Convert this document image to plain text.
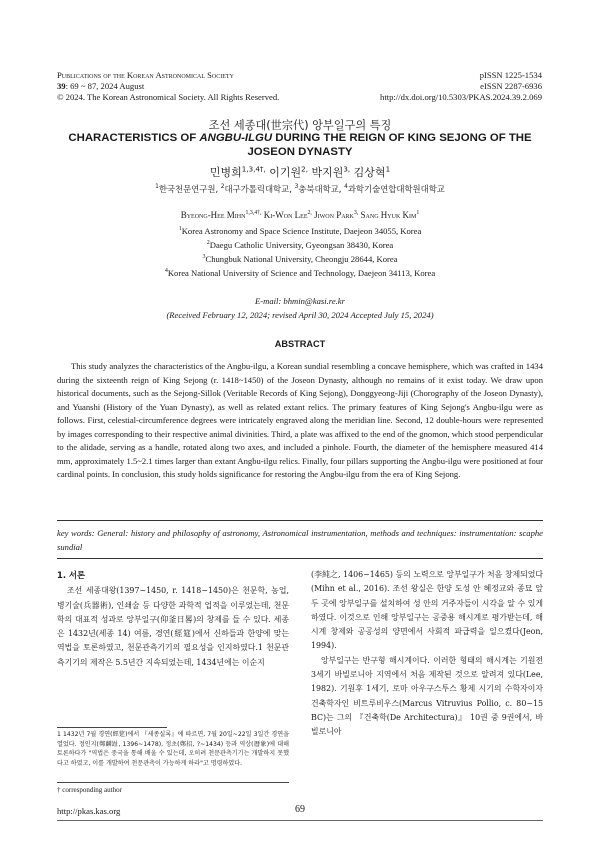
Publications of the Korean Astronomical Society
39: 69 ~ 87, 2024 August
© 2024. The Korean Astronomical Society. All Rights Reserved.
pISSN 1225-1534
eISSN 2287-6936
http://dx.doi.org/10.5303/PKAS.2024.39.2.069
조선 세종대(世宗代) 앙부일구의 특징
CHARACTERISTICS OF ANGBU-ILGU DURING THE REIGN OF KING SEJONG OF THE JOSEON DYNASTY
민병희$^{1,3,4\dagger,}$ 이기원$^{2,}$ 박지원$^{3,}$ 김상혁$^1$
$^1$한국천문연구원, $^2$대구가톨릭대학교, $^3$충북대학교, $^4$과학기술연합대학원대학교
Byeong-Hee Mihn$^{1,3,4\dagger,}$ Ki-Won Lee$^{2,}$ Jiwon Park$^{3,}$ Sang Hyuk Kim$^1$
$^1$Korea Astronomy and Space Science Institute, Daejeon 34055, Korea
$^2$Daegu Catholic University, Gyeongsan 38430, Korea
$^3$Chungbuk National University, Cheongju 28644, Korea
$^4$Korea National University of Science and Technology, Daejeon 34113, Korea
E-mail: bhmin@kasi.re.kr
(Received February 12, 2024; revised April 30, 2024 Accepted July 15, 2024)
ABSTRACT
This study analyzes the characteristics of the Angbu-ilgu, a Korean sundial resembling a concave hemisphere, which was crafted in 1434 during the sixteenth reign of King Sejong (r. 1418~1450) of the Joseon Dynasty, although no remains of it exist today. We draw upon historical documents, such as the Sejong-Sillok (Veritable Records of King Sejong), Donggyeong-Jiji (Chorography of the Joseon Dynasty), and Yuanshi (History of the Yuan Dynasty), as well as related extant relics. The primary features of King Sejong's Angbu-ilgu were as follows. First, celestial-circumference degrees were intricately engraved along the meridian line. Second, 12 double-hours were represented by images corresponding to their respective animal divinities. Third, a plate was affixed to the end of the gnomon, which stood perpendicular to the alidade, serving as a handle, rotated along two axes, and included a pinhole. Fourth, the diameter of the hemisphere measured 414 mm, approximately 1.5~2.1 times larger than extant Angbu-ilgu relics. Finally, four pillars supporting the Angbu-ilgu were positioned at four cardinal points. In conclusion, this study holds significance for restoring the Angbu-ilgu from the era of King Sejong.
key words: General: history and philosophy of astronomy, Astronomical instrumentation, methods and techniques: instrumentation: scaphe sundial
1. 서론

조선 세종대왕(1397~1450, r. 1418~1450)은 천문학, 농업, 병기술(兵器術), 인쇄술 등 다양한 과학적 업적을 이루었는데, 천문학의 대표적 성과로 앙부일구(仰釜日晷)의 창제를 들 수 있다. 세종은 1432년(세종 14) 여름, 경연(經筵)에서 신하들과 한양에 맞는 역법을 토론하였고, 천문관측기기의 필요성을 인지하였다.1 천문관측기기의 제작은 5.5년간 지속되었는데, 1434년에는 이순지

(李純之, 1406~1465) 등의 노력으로 앙부일구가 처음 창제되었다(Mihn et al., 2016). 조선 왕실은 한양 도성 안 혜정교와 종묘 앞 두 곳에 앙부일구를 설치하여 성 안의 거주자들이 시각을 알 수 있게 하였다. 이것으로 인해 앙부일구는 공중용 해시계로 평가받는데, 해시계 창제와 공공성의 양면에서 사회적 파급력을 일으켰다(Jeon, 1994).

앙부일구는 반구형 해시계이다. 이러한 형태의 해시계는 기원전 3세기 바빌로니아 지역에서 처음 제작된 것으로 알려져 있다(Lee, 1982). 기원후 1세기, 로마 아우구스투스 황제 시기의 수학자이자 건축학자인 비트루비우스(Marcus Vitruvius Pollio, c. 80~15 BC)는 그의 『건축학(De Architectura)』 10권 중 9권에서, 바빌로니아

1 1432년 7월 경연(經筵)에서 『세종실록』에 따르면, 7월 20일~22일 3일간 경연을 열었다. 정인지(鄭麟趾, 1396~1478), 정초(鄭招, ?~1434) 등과 역상(曆象)에 대해 토론하다가 "역법은 중국을 통해 배울 수 있는데, 오히려 천문관측기기는 개발하지 못했다고 하였고, 이를 개발하여 천문관측이 가능하게 하라"고 명령하였다.
† corresponding author
http://pkas.kas.org	69
